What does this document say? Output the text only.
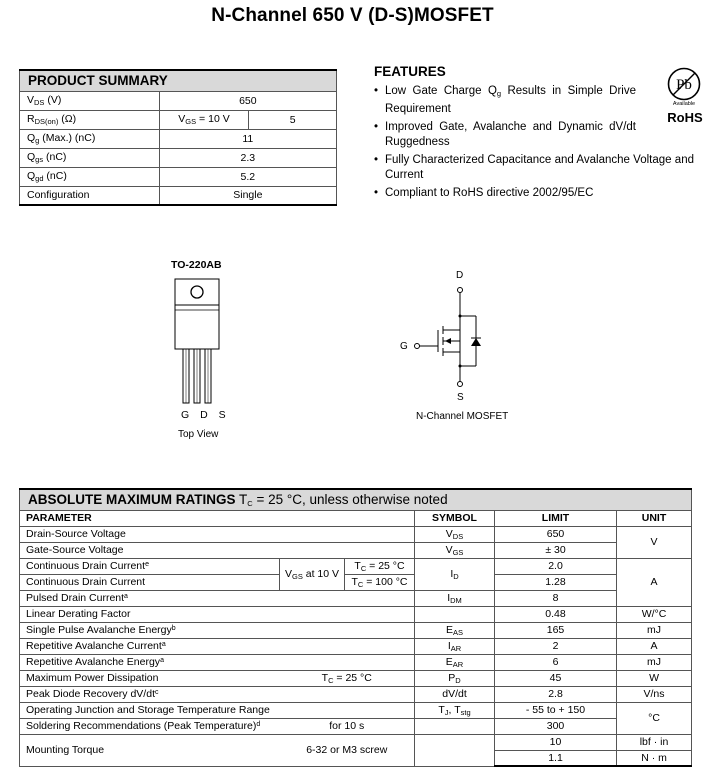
N-Channel 650 V (D-S)MOSFET
PRODUCT SUMMARY		
$V_{DS}$ (V)	650	
$R_{DS(on)}$ (Ω)	$V_{GS} = 10$ V	5
$Q_g$ (Max.) (nC)	11	
$Q_{gs}$ (nC)	2.3	
$Q_{gd}$ (nC)	5.2	
Configuration	Single	
FEATURES
• Low Gate Charge $Q_g$ Results in Simple Drive Requirement
• Improved Gate, Avalanche and Dynamic dV/dt Ruggedness
• Fully Characterized Capacitance and Avalanche Voltage and Current
• Compliant to RoHS directive 2002/95/EC
Pb
Available
RoHS
TO-220AB
G D S
Top View
D
G
S
N-Channel MOSFET
ABSOLUTE MAXIMUM RATINGS $T_C = 25$ °C, unless otherwise noted					
PARAMETER			SYMBOL	LIMIT	UNIT
Drain-Source Voltage			$V_{DS}$	650	V
Gate-Source Voltage			$V_{GS}$	± 30	
Continuous Drain Current$^e$	$V_{GS}$ at 10 V	$T_C = 25$ °C	$I_D$	2.0	A
Continuous Drain Current		$T_C = 100$ °C		1.28	
Pulsed Drain Current$^a$			$I_{DM}$	8	
Linear Derating Factor				0.48	W/°C
Single Pulse Avalanche Energy$^b$			$E_{AS}$	165	mJ
Repetitive Avalanche Current$^a$			$I_{AR}$	2	A
Repetitive Avalanche Energy$^a$			$E_{AR}$	6	mJ
Maximum Power Dissipation	$T_C = 25$ °C		$P_D$	45	W
Peak Diode Recovery $dV/dt^c$			dV/dt	2.8	V/ns
Operating Junction and Storage Temperature Range			$T_J$, $T_{stg}$	- 55 to + 150	°C
Soldering Recommendations (Peak Temperature)$^d$	for 10 s			300	
Mounting Torque	6-32 or M3 screw			10	lbf · in
				1.1	N · m
